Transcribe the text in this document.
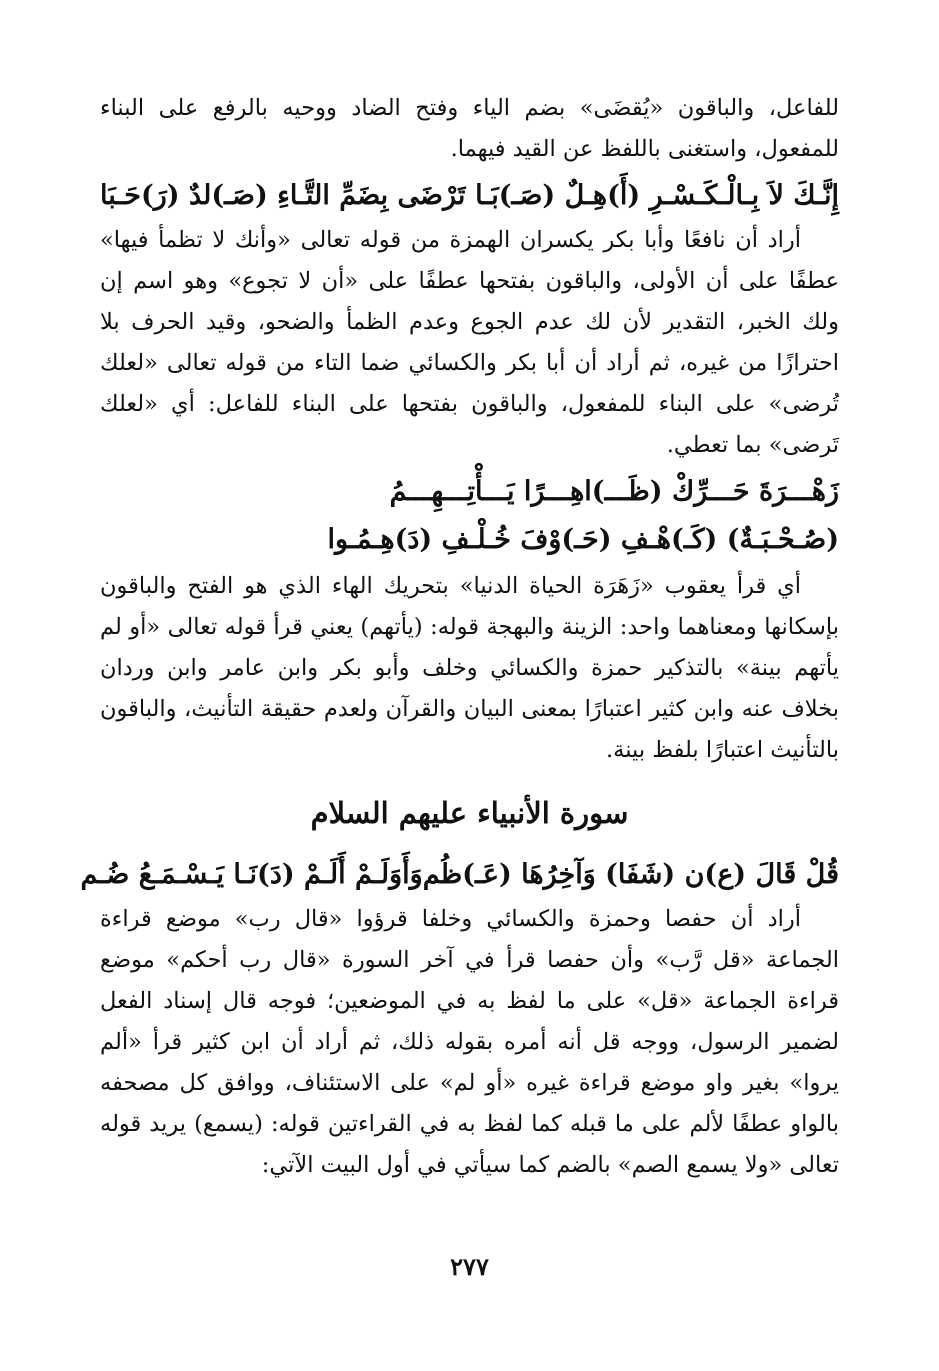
للفاعل، والباقون «يُقضَى» بضم الياء وفتح الضاد ووحيه بالرفع على البناء للمفعول، واستغنى باللفظ عن القيد فيهما.

إِنَّـكَ لاَ بِـالْـكَـسْـرِ (أَ)هِـلٌ (صَـ)بَـا
تَرْضَى بِضَمِّ التَّـاءِ (صَـ)لدٌ (رَ)حَـبَا

أراد أن نافعًا وأبا بكر يكسران الهمزة من قوله تعالى «وأنك لا تظمأ فيها» عطفًا على أن الأولى، والباقون بفتحها عطفًا على «أن لا تجوع» وهو اسم إن ولك الخبر، التقدير لأن لك عدم الجوع وعدم الظمأ والضحو، وقيد الحرف بلا احترازًا من غيره، ثم أراد أن أبا بكر والكسائي ضما التاء من قوله تعالى «لعلك تُرضى» على البناء للمفعول، والباقون بفتحها على البناء للفاعل: أي «لعلك تَرضى» بما تعطي.

زَهْـــرَةَ حَـــرِّكْ (ظَـــ)اهِـــرًا يَـــأْتِـــهِـــمُ
(صُـحْـبَـةٌ) (كَـ)هْـفِ (حَـ)وْفَ خُـلْـفِ (دَ)هِـمُـوا

أي قرأ يعقوب «زَهَرَة الحياة الدنيا» بتحريك الهاء الذي هو الفتح والباقون بإسكانها ومعناهما واحد: الزينة والبهجة قوله: (يأتهم) يعني قرأ قوله تعالى «أو لم يأتهم بينة» بالتذكير حمزة والكسائي وخلف وأبو بكر وابن عامر وابن وردان بخلاف عنه وابن كثير اعتبارًا بمعنى البيان والقرآن ولعدم حقيقة التأنيث، والباقون بالتأنيث اعتبارًا بلفظ بينة.

سورة الأنبياء عليهم السلام
قُلْ قَالَ (ع)ن (شَفَا) وَآخِرُهَا (عَـ)ظُم
وَأَوَلَـمْ أَلَـمْ (دَ)نَـا يَـسْـمَـعُ ضُـم

أراد أن حفصا وحمزة والكسائي وخلفا قرؤوا «قال رب» موضع قراءة الجماعة «قل رَّب» وأن حفصا قرأ في آخر السورة «قال رب أحكم» موضع قراءة الجماعة «قل» على ما لفظ به في الموضعين؛ فوجه قال إسناد الفعل لضمير الرسول، ووجه قل أنه أمره بقوله ذلك، ثم أراد أن ابن كثير قرأ «ألم يروا» بغير واو موضع قراءة غيره «أو لم» على الاستئناف، ووافق كل مصحفه بالواو عطفًا لألم على ما قبله كما لفظ به في القراءتين قوله: (يسمع) يريد قوله تعالى «ولا يسمع الصم» بالضم كما سيأتي في أول البيت الآتي:

٢٧٧
